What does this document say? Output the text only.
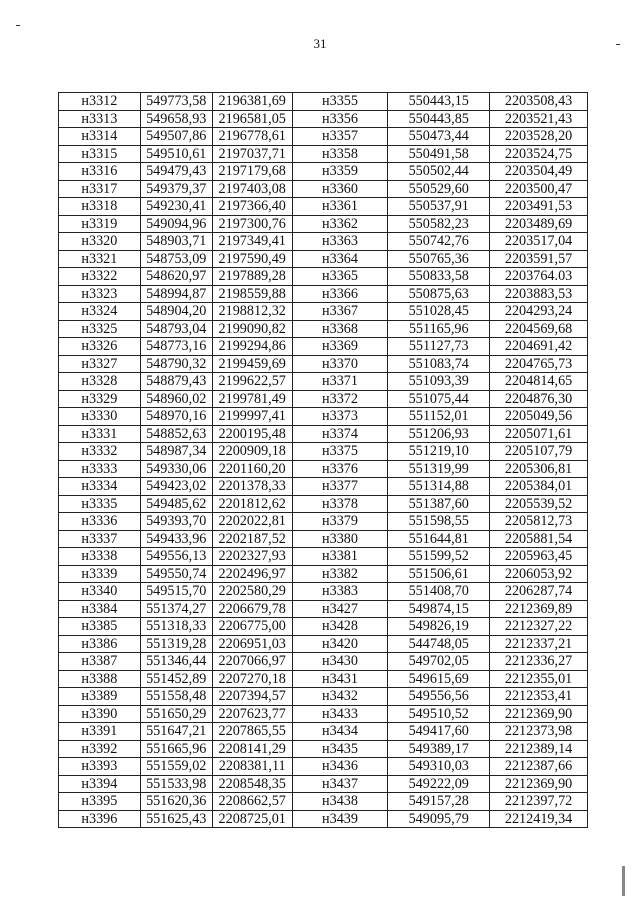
31
н3312	549773,58	2196381,69	н3355	550443,15	2203508,43
н3313	549658,93	2196581,05	н3356	550443,85	2203521,43
н3314	549507,86	2196778,61	н3357	550473,44	2203528,20
н3315	549510,61	2197037,71	н3358	550491,58	2203524,75
н3316	549479,43	2197179,68	н3359	550502,44	2203504,49
н3317	549379,37	2197403,08	н3360	550529,60	2203500,47
н3318	549230,41	2197366,40	н3361	550537,91	2203491,53
н3319	549094,96	2197300,76	н3362	550582,23	2203489,69
н3320	548903,71	2197349,41	н3363	550742,76	2203517,04
н3321	548753,09	2197590,49	н3364	550765,36	2203591,57
н3322	548620,97	2197889,28	н3365	550833,58	2203764.03
н3323	548994,87	2198559,88	н3366	550875,63	2203883,53
н3324	548904,20	2198812,32	н3367	551028,45	2204293,24
н3325	548793,04	2199090,82	н3368	551165,96	2204569,68
н3326	548773,16	2199294,86	н3369	551127,73	2204691,42
н3327	548790,32	2199459,69	н3370	551083,74	2204765,73
н3328	548879,43	2199622,57	н3371	551093,39	2204814,65
н3329	548960,02	2199781,49	н3372	551075,44	2204876,30
н3330	548970,16	2199997,41	н3373	551152,01	2205049,56
н3331	548852,63	2200195,48	н3374	551206,93	2205071,61
н3332	548987,34	2200909,18	н3375	551219,10	2205107,79
н3333	549330,06	2201160,20	н3376	551319,99	2205306,81
н3334	549423,02	2201378,33	н3377	551314,88	2205384,01
н3335	549485,62	2201812,62	н3378	551387,60	2205539,52
н3336	549393,70	2202022,81	н3379	551598,55	2205812,73
н3337	549433,96	2202187,52	н3380	551644,81	2205881,54
н3338	549556,13	2202327,93	н3381	551599,52	2205963,45
н3339	549550,74	2202496,97	н3382	551506,61	2206053,92
н3340	549515,70	2202580,29	н3383	551408,70	2206287,74
н3384	551374,27	2206679,78	н3427	549874,15	2212369,89
н3385	551318,33	2206775,00	н3428	549826,19	2212327,22
н3386	551319,28	2206951,03	н3420	544748,05	2212337,21
н3387	551346,44	2207066,97	н3430	549702,05	2212336,27
н3388	551452,89	2207270,18	н3431	549615,69	2212355,01
н3389	551558,48	2207394,57	н3432	549556,56	2212353,41
н3390	551650,29	2207623,77	н3433	549510,52	2212369,90
н3391	551647,21	2207865,55	н3434	549417,60	2212373,98
н3392	551665,96	2208141,29	н3435	549389,17	2212389,14
н3393	551559,02	2208381,11	н3436	549310,03	2212387,66
н3394	551533,98	2208548,35	н3437	549222,09	2212369,90
н3395	551620,36	2208662,57	н3438	549157,28	2212397,72
н3396	551625,43	2208725,01	н3439	549095,79	2212419,34
